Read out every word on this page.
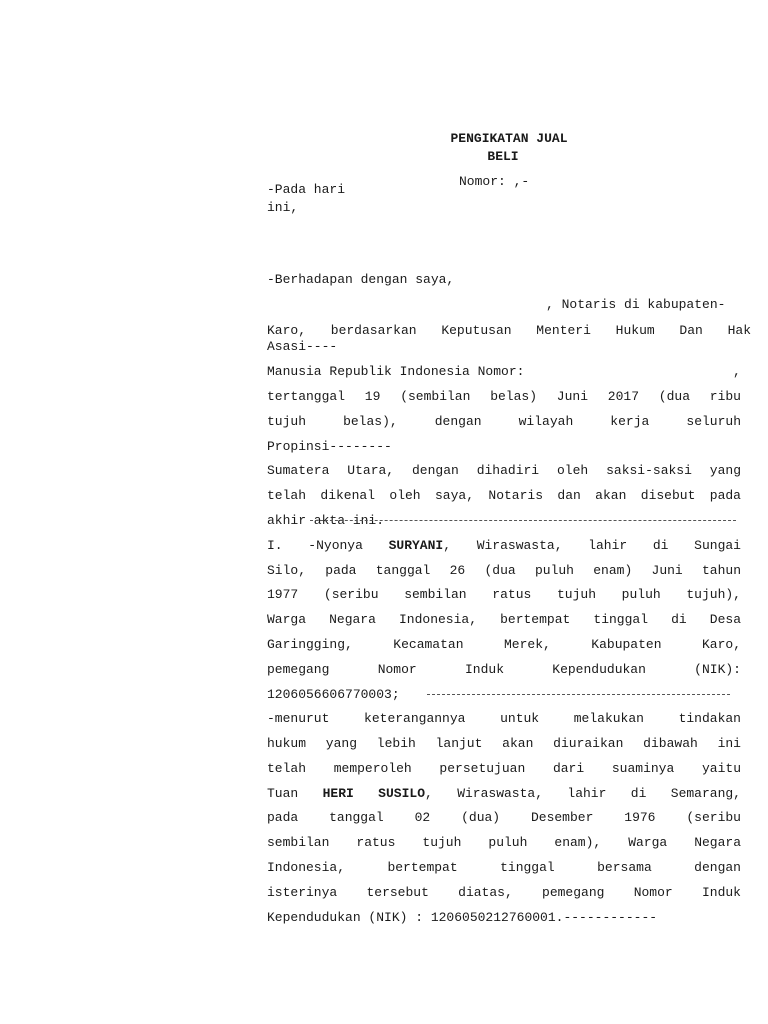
PENGIKATAN JUAL
BELI
Nomor: ,-
-Pada hari
ini,
-Berhadapan dengan saya,
, Notaris di kabupaten-
Karo, berdasarkan Keputusan Menteri Hukum Dan Hak
Asasi----
Manusia Republik Indonesia Nomor:	,
tertanggal 19 (sembilan belas) Juni 2017 (dua ribu
tujuh belas), dengan wilayah kerja seluruh
Propinsi--------
Sumatera Utara, dengan dihadiri oleh saksi-saksi yang
telah dikenal oleh saya, Notaris dan akan disebut pada
akhir akta ini.
I. -Nyonya SURYANI, Wiraswasta, lahir di Sungai
Silo, pada tanggal 26 (dua puluh enam) Juni tahun
1977 (seribu sembilan ratus tujuh puluh tujuh),
Warga Negara Indonesia, bertempat tinggal di Desa
Garingging, Kecamatan Merek, Kabupaten Karo,
pemegang Nomor Induk Kependudukan (NIK):
1206056606770003;
-menurut keterangannya untuk melakukan tindakan
hukum yang lebih lanjut akan diuraikan dibawah ini
telah memperoleh persetujuan dari suaminya yaitu
Tuan HERI SUSILO, Wiraswasta, lahir di Semarang,
pada tanggal 02 (dua) Desember 1976 (seribu
sembilan ratus tujuh puluh enam), Warga Negara
Indonesia, bertempat tinggal bersama dengan
isterinya tersebut diatas, pemegang Nomor Induk
Kependudukan (NIK) : 1206050212760001.------------
